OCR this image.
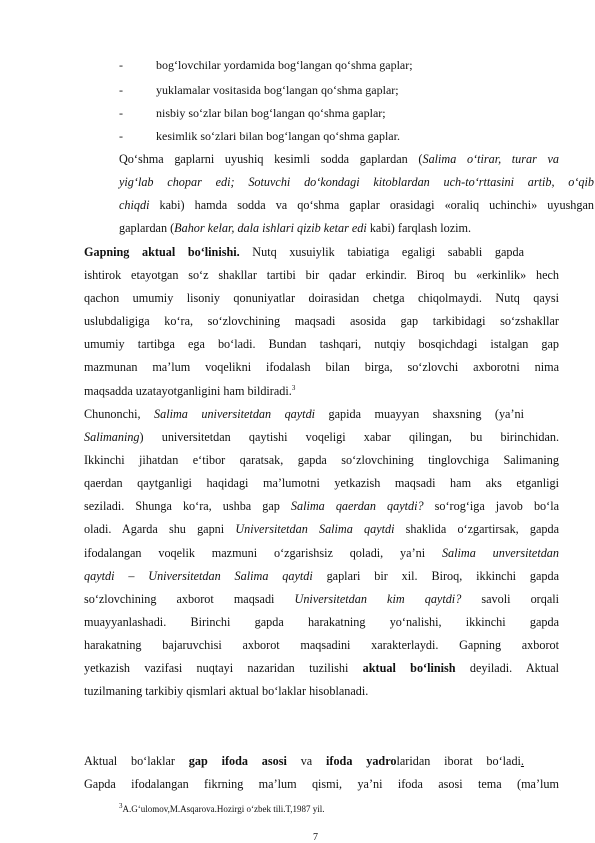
-	bog‘lovchilar yordamida bog‘langan qo‘shma gaplar;
-	yuklamalar vositasida bog‘langan qo‘shma gaplar;
-	nisbiy so‘zlar bilan bog‘langan qo‘shma gaplar;
-	kesimlik so‘zlari bilan bog‘langan qo‘shma gaplar.
Qo‘shma gaplarni uyushiq kesimli sodda gaplardan (Salima o‘tirar, turar va
yig‘lab chopar edi; Sotuvchi do‘kondagi kitoblardan uch-to‘rttasini artib, o‘qib
chiqdi kabi) hamda sodda va qo‘shma gaplar orasidagi «oraliq uchinchi» uyushgan
gaplardan (Bahor kelar, dala ishlari qizib ketar edi kabi) farqlash lozim.
Gapning aktual bo‘linishi. Nutq xusuiylik tabiatiga egaligi sababli gapda
ishtirok etayotgan so‘z shakllar tartibi bir qadar erkindir. Biroq bu «erkinlik» hech
qachon umumiy lisoniy qonuniyatlar doirasidan chetga chiqolmaydi. Nutq qaysi
uslubdaligiga ko‘ra, so‘zlovchining maqsadi asosida gap tarkibidagi so‘zshakllar
umumiy tartibga ega bo‘ladi. Bundan tashqari, nutqiy bosqichdagi istalgan gap
mazmunan ma’lum voqelikni ifodalash bilan birga, so‘zlovchi axborotni nima
maqsadda uzatayotganligini ham bildiradi.$^3$
Chunonchi, Salima universitetdan qaytdi gapida muayyan shaxsning (ya’ni
Salimaning) universitetdan qaytishi voqeligi xabar qilingan, bu birinchidan.
Ikkinchi jihatdan e‘tibor qaratsak, gapda so‘zlovchining tinglovchiga Salimaning
qaerdan qaytganligi haqidagi ma’lumotni yetkazish maqsadi ham aks etganligi
seziladi. Shunga ko‘ra, ushba gap Salima qaerdan qaytdi? so‘rog‘iga javob bo‘la
oladi. Agarda shu gapni Universitetdan Salima qaytdi shaklida o‘zgartirsak, gapda
ifodalangan voqelik mazmuni o‘zgarishsiz qoladi, ya’ni Salima unversitetdan
qaytdi – Universitetdan Salima qaytdi gaplari bir xil. Biroq, ikkinchi gapda
so‘zlovchining axborot maqsadi Universitetdan kim qaytdi? savoli orqali
muayyanlashadi. Birinchi gapda harakatning yo‘nalishi, ikkinchi gapda
harakatning bajaruvchisi axborot maqsadini xarakterlaydi. Gapning axborot
yetkazish vazifasi nuqtayi nazaridan tuzilishi aktual bo‘linish deyiladi. Aktual
tuzilmaning tarkibiy qismlari aktual bo‘laklar hisoblanadi.
Aktual bo‘laklar gap ifoda asosi va ifoda yadrolaridan iborat bo‘ladi.
Gapda ifodalangan fikrning ma’lum qismi, ya’ni ifoda asosi tema (ma’lum
$^3$A.G‘ulomov,M.Asqarova.Hozirgi o‘zbek tili.T,1987 yil.
7
